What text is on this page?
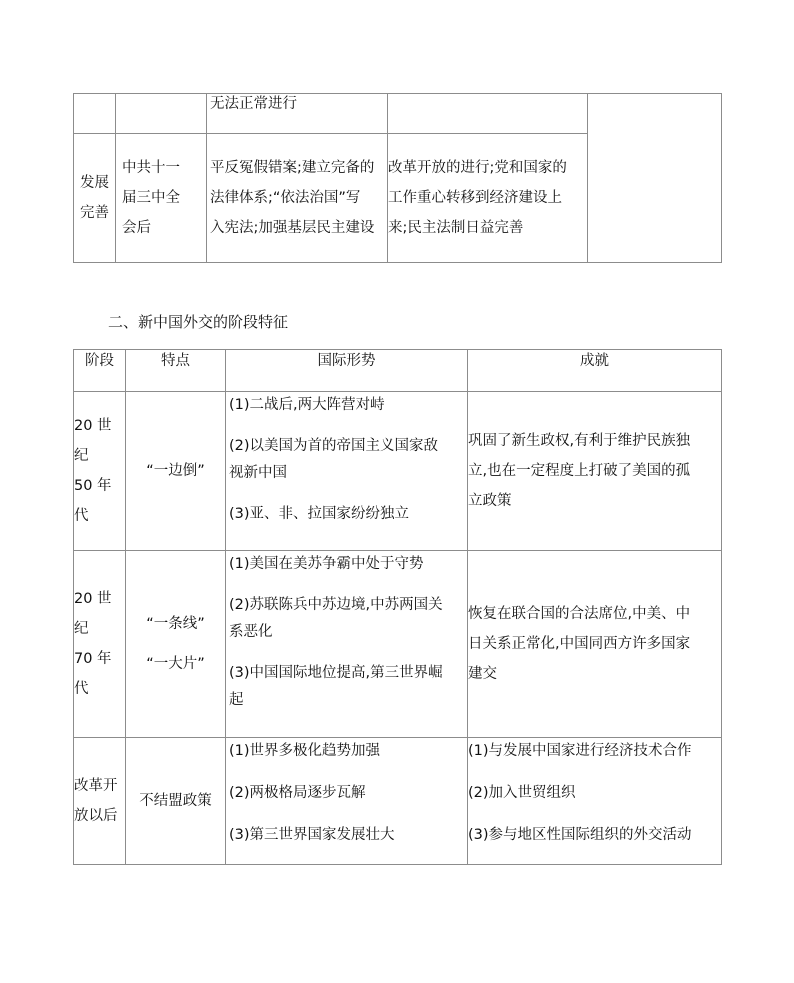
		无法正常进行		

发展
完善	中共十一
届三中全
会后	平反冤假错案;建立完备的
法律体系;“依法治国”写
入宪法;加强基层民主建设	改革开放的进行;党和国家的
工作重心转移到经济建设上
来;民主法制日益完善	
二、新中国外交的阶段特征
阶段	特点	国际形势	成就

20 世纪
50 年代	“一边倒”	(1)二战后,两大阵营对峙
(2)以美国为首的帝国主义国家敌
视新中国
(3)亚、非、拉国家纷纷独立	巩固了新生政权,有利于维护民族独
立,也在一定程度上打破了美国的孤
立政策

20 世纪
70 年代	“一条线”
“一大片”	(1)美国在美苏争霸中处于守势
(2)苏联陈兵中苏边境,中苏两国关
系恶化
(3)中国国际地位提高,第三世界崛
起	恢复在联合国的合法席位,中美、中
日关系正常化,中国同西方许多国家
建交

改革开
放以后	不结盟政策	(1)世界多极化趋势加强
(2)两极格局逐步瓦解
(3)第三世界国家发展壮大	(1)与发展中国家进行经济技术合作
(2)加入世贸组织
(3)参与地区性国际组织的外交活动
